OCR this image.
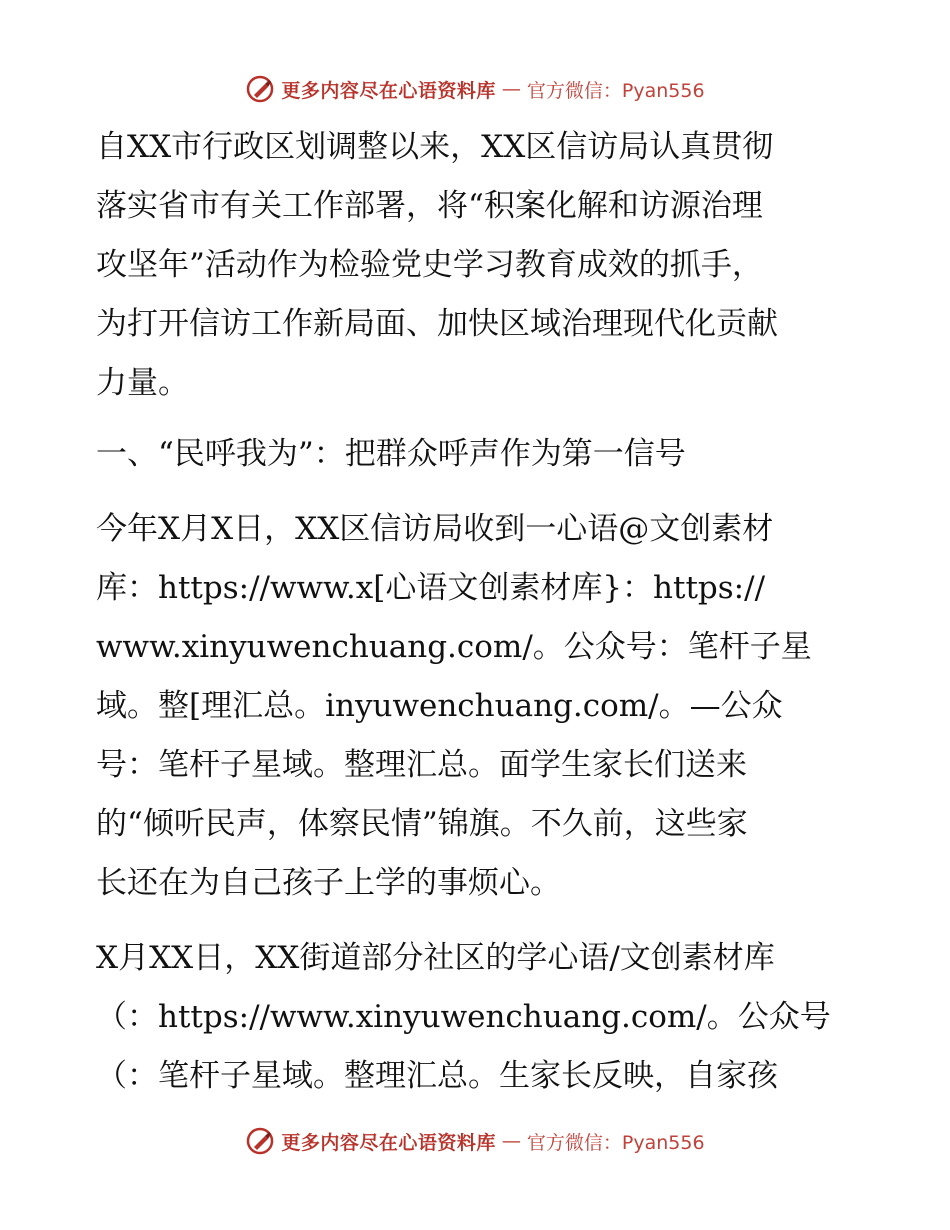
更多内容尽在心语资料库 — 官方微信：Pyan556

自XX市行政区划调整以来，XX区信访局认真贯彻
落实省市有关工作部署，将“积案化解和访源治理
攻坚年”活动作为检验党史学习教育成效的抓手，
为打开信访工作新局面、加快区域治理现代化贡献
力量。

一、“民呼我为”：把群众呼声作为第一信号

今年X月X日，XX区信访局收到一心语@文创素材
库：https://www.x[心语文创素材库}：https://
www.xinyuwenchuang.com/。公众号：笔杆子星
域。整[理汇总。inyuwenchuang.com/。—公众
号：笔杆子星域。整理汇总。面学生家长们送来
的“倾听民声，体察民情”锦旗。不久前，这些家
长还在为自己孩子上学的事烦心。

X月XX日，XX街道部分社区的学心语/文创素材库
（：https://www.xinyuwenchuang.com/。公众号
（：笔杆子星域。整理汇总。生家长反映，自家孩

更多内容尽在心语资料库 — 官方微信：Pyan556
